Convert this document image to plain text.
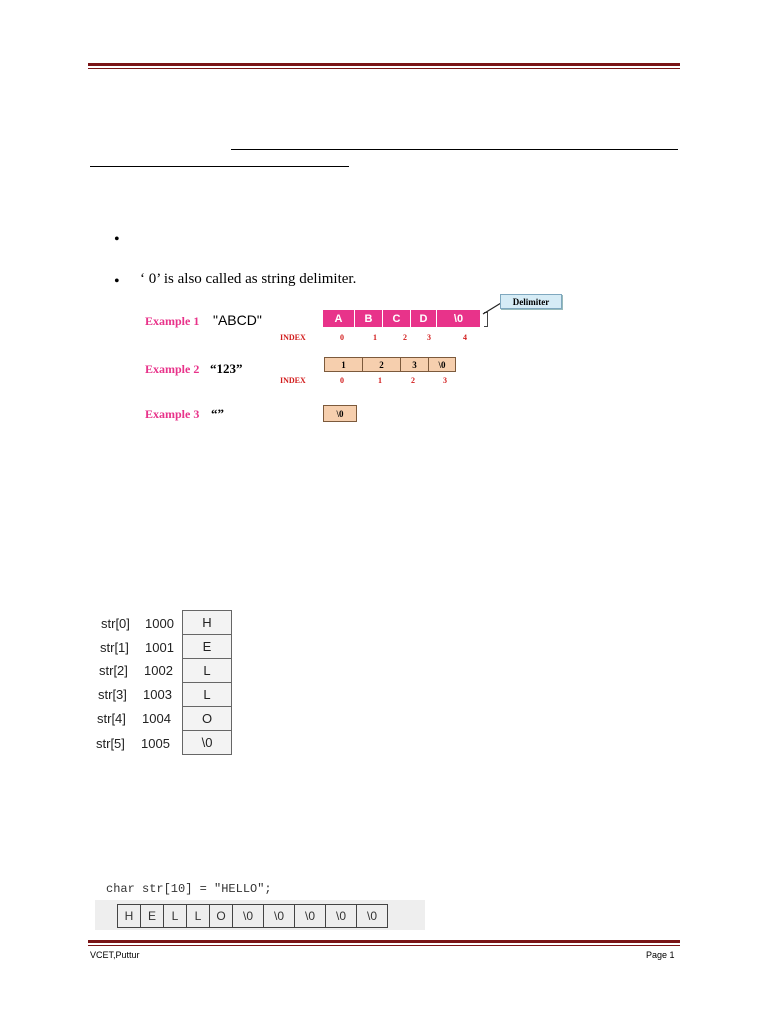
•
• ‘ 0’ is also called as string delimiter.
Example 1 "ABCD"	A	B	C	D	\0
Delimiter
INDEX	0	1	2	3	4
Example 2 “123”	1	2	3	\0
INDEX	0	1	2	3
Example 3 “”	\0
str[0] 1000	H
str[1] 1001	E
str[2] 1002	L
str[3] 1003	L
str[4] 1004	O
str[5] 1005	\0
char str[10] = "HELLO";
H	E	L	L	O	\0	\0	\0	\0	\0
VCET,Puttur	Page 1
